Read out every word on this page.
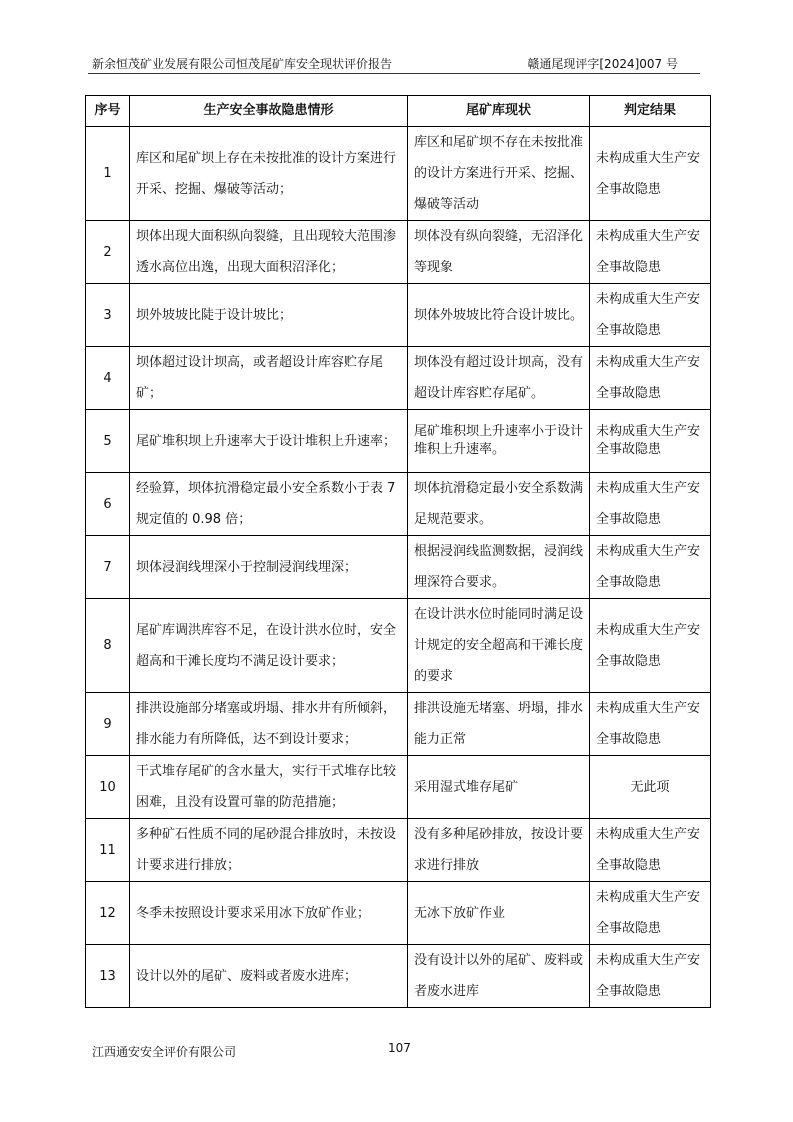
新余恒茂矿业发展有限公司恒茂尾矿库安全现状评价报告	赣通尾现评字[2024]007 号
序号	生产安全事故隐患情形	尾矿库现状	判定结果
1	库区和尾矿坝上存在未按批准的设计方案进行开采、挖掘、爆破等活动；	库区和尾矿坝不存在未按批准的设计方案进行开采、挖掘、爆破等活动	未构成重大生产安全事故隐患
2	坝体出现大面积纵向裂缝，且出现较大范围渗透水高位出逸，出现大面积沼泽化；	坝体没有纵向裂缝，无沼泽化等现象	未构成重大生产安全事故隐患
3	坝外坡坡比陡于设计坡比；	坝体外坡坡比符合设计坡比。	未构成重大生产安全事故隐患
4	坝体超过设计坝高，或者超设计库容贮存尾矿；	坝体没有超过设计坝高，没有超设计库容贮存尾矿。	未构成重大生产安全事故隐患
5	尾矿堆积坝上升速率大于设计堆积上升速率；	尾矿堆积坝上升速率小于设计堆积上升速率。	未构成重大生产安全事故隐患
6	经验算，坝体抗滑稳定最小安全系数小于表 7 规定值的 0.98 倍；	坝体抗滑稳定最小安全系数满足规范要求。	未构成重大生产安全事故隐患
7	坝体浸润线埋深小于控制浸润线埋深；	根据浸润线监测数据，浸润线埋深符合要求。	未构成重大生产安全事故隐患
8	尾矿库调洪库容不足，在设计洪水位时，安全超高和干滩长度均不满足设计要求；	在设计洪水位时能同时满足设计规定的安全超高和干滩长度的要求	未构成重大生产安全事故隐患
9	排洪设施部分堵塞或坍塌、排水井有所倾斜，排水能力有所降低，达不到设计要求；	排洪设施无堵塞、坍塌，排水能力正常	未构成重大生产安全事故隐患
10	干式堆存尾矿的含水量大，实行干式堆存比较困难，且没有设置可靠的防范措施；	采用湿式堆存尾矿	无此项
11	多种矿石性质不同的尾砂混合排放时，未按设计要求进行排放；	没有多种尾砂排放，按设计要求进行排放	未构成重大生产安全事故隐患
12	冬季未按照设计要求采用冰下放矿作业；	无冰下放矿作业	未构成重大生产安全事故隐患
13	设计以外的尾矿、废料或者废水进库；	没有设计以外的尾矿、废料或者废水进库	未构成重大生产安全事故隐患
江西通安安全评价有限公司	107
